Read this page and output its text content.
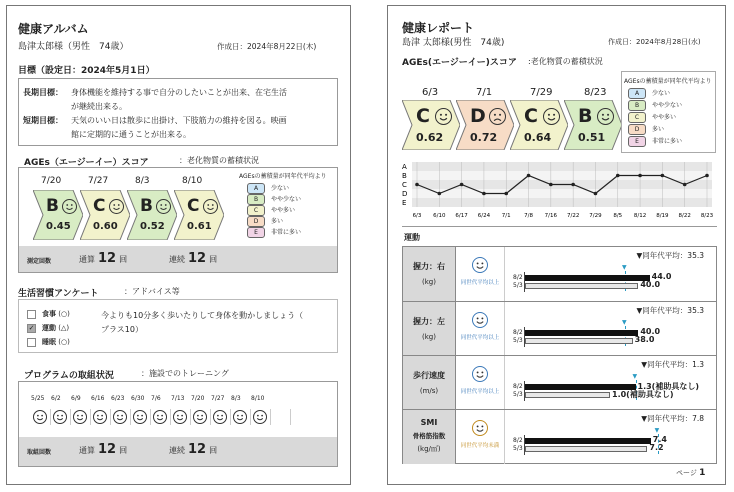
健康アルバム
島津太郎様（男性　74歳）	作成日：2024年8月22日(木)
目標（設定日：2024年5月1日）
長期目標： 身体機能を維持する事で自分のしたいことが出来、在宅生活
が継続出来る。
短期目標： 天気のいい日は散歩に出掛け、下肢筋力の維持を図る。映画
館に定期的に通うことが出来る。
AGEs（エージーイー）スコア	：老化物質の蓄積状況
7/20
B
0.45
7/27
C
0.60
8/3
B
0.52
8/10
C
0.61
AGEsの蓄積量が同年代平均より
A 少ない
B やや少ない
C やや多い
D 多い
E 非常に多い
測定回数	通算 12 回	連続 12 回
生活習慣アンケート	：アドバイス等
食事 (○)
✓ 運動 (△)
睡眠 (○)
今よりも10分多く歩いたりして身体を動かしましょう（
プラス10）
プログラムの取組状況	：施設でのトレーニング
5/25 6/2 6/9 6/16 6/23 6/30 7/6 7/13 7/20 7/27 8/3 8/10
取組回数	通算 12 回	連続 12 回
健康レポート
島津 太郎様(男性　74歳)	作成日：2024年8月28日(水)
AGEs(エージーイー)スコア :老化物質の蓄積状況
6/3
C
0.62
7/1
D
0.72
7/29
C
0.64
8/23
B
0.51
AGEsの蓄積量が同年代平均より
A 少ない
B やや少ない
C やや多い
D 多い
E 非常に多い
A
B
C
D
E
6/3 6/10 6/17 6/24 7/1 7/8 7/16 7/22 7/29 8/5 8/12 8/19 8/22 8/23
運動
握力：右
(kg)	同世代平均以上
▼同年代平均：35.3
▼
8/2	44.0
5/3	40.0
握力：左
(kg)	同世代平均以上
▼同年代平均：35.3
▼
8/2	40.0
5/3	38.0
歩行速度
(m/s)	同世代平均以上
▼同年代平均：1.3
▼
8/2	1.3(補助具なし)
5/3	1.0(補助具なし)
SMI
骨格筋指数
(kg/㎡)	同世代平均未満
▼同年代平均：7.8
▼
8/2	7.4
5/3	7.2
ページ 1
